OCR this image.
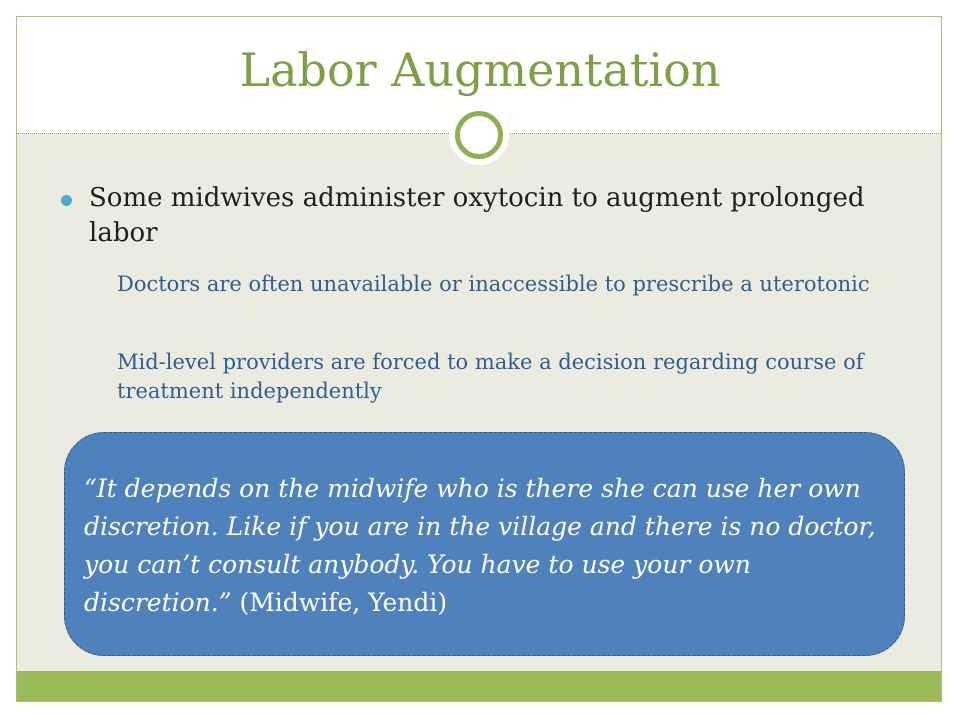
Labor Augmentation
Some midwives administer oxytocin to augment prolonged labor
Doctors are often unavailable or inaccessible to prescribe a uterotonic
Mid-level providers are forced to make a decision regarding course of treatment independently
“It depends on the midwife who is there she can use her own discretion. Like if you are in the village and there is no doctor, you can’t consult anybody. You have to use your own discretion.” (Midwife, Yendi)
